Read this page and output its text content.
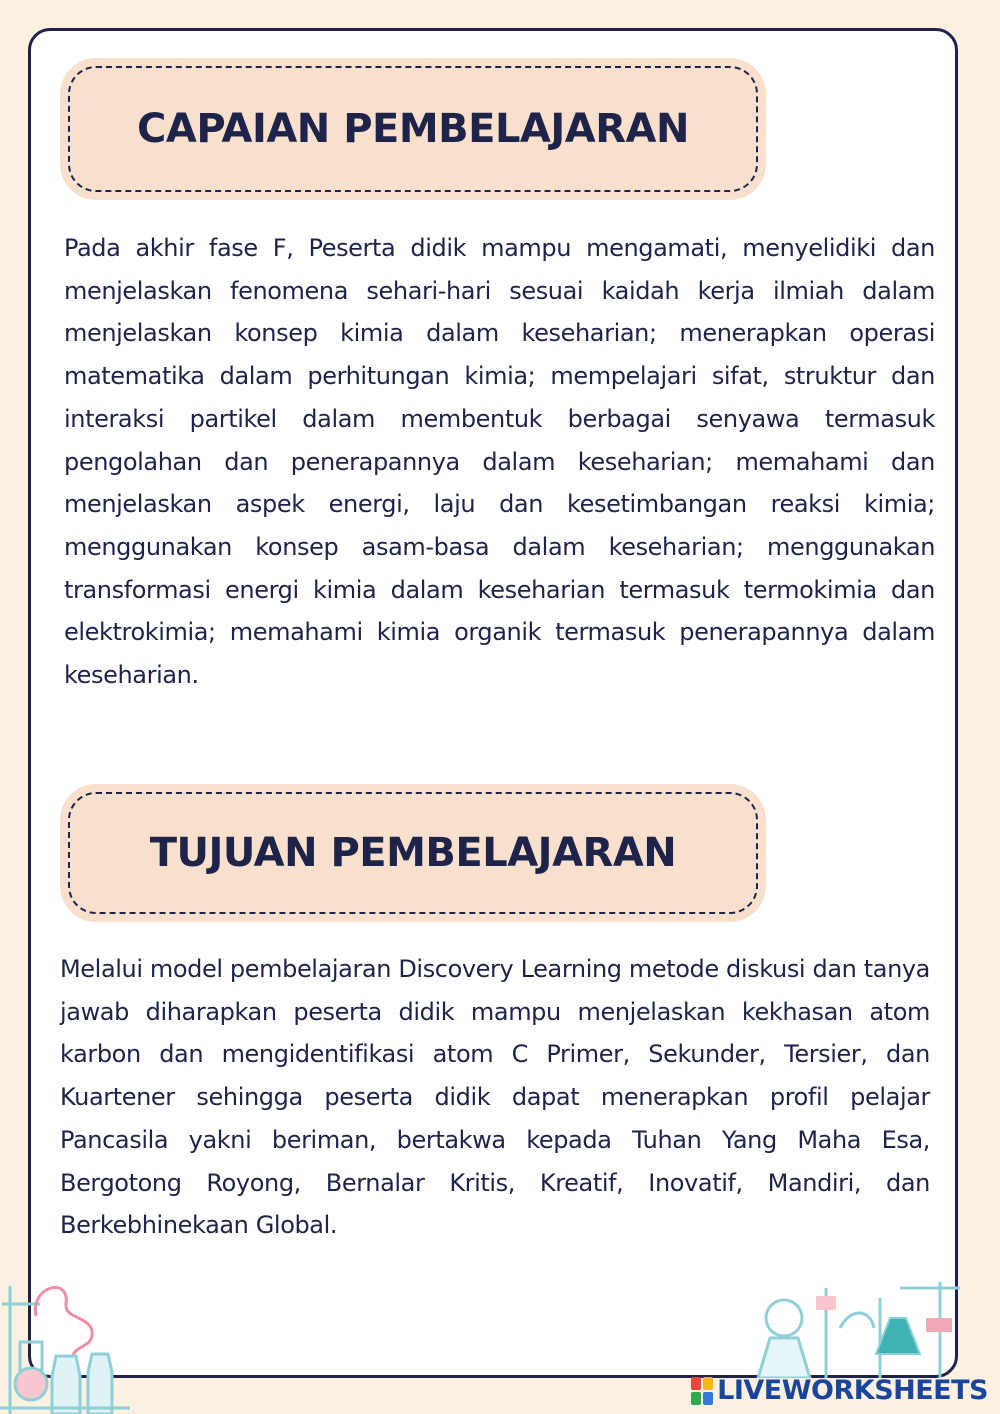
CAPAIAN PEMBELAJARAN

Pada akhir fase F, Peserta didik mampu mengamati, menyelidiki dan menjelaskan fenomena sehari-hari sesuai kaidah kerja ilmiah dalam menjelaskan konsep kimia dalam keseharian; menerapkan operasi matematika dalam perhitungan kimia; mempelajari sifat, struktur dan interaksi partikel dalam membentuk berbagai senyawa termasuk pengolahan dan penerapannya dalam keseharian; memahami dan menjelaskan aspek energi, laju dan kesetimbangan reaksi kimia; menggunakan konsep asam-basa dalam keseharian; menggunakan transformasi energi kimia dalam keseharian termasuk termokimia dan elektrokimia; memahami kimia organik termasuk penerapannya dalam keseharian.

TUJUAN PEMBELAJARAN

Melalui model pembelajaran Discovery Learning metode diskusi dan tanya jawab diharapkan peserta didik mampu menjelaskan kekhasan atom karbon dan mengidentifikasi atom C Primer, Sekunder, Tersier, dan Kuartener sehingga peserta didik dapat menerapkan profil pelajar Pancasila yakni beriman, bertakwa kepada Tuhan Yang Maha Esa, Bergotong Royong, Bernalar Kritis, Kreatif, Inovatif, Mandiri, dan Berkebhinekaan Global.

LIVEWORKSHEETS
